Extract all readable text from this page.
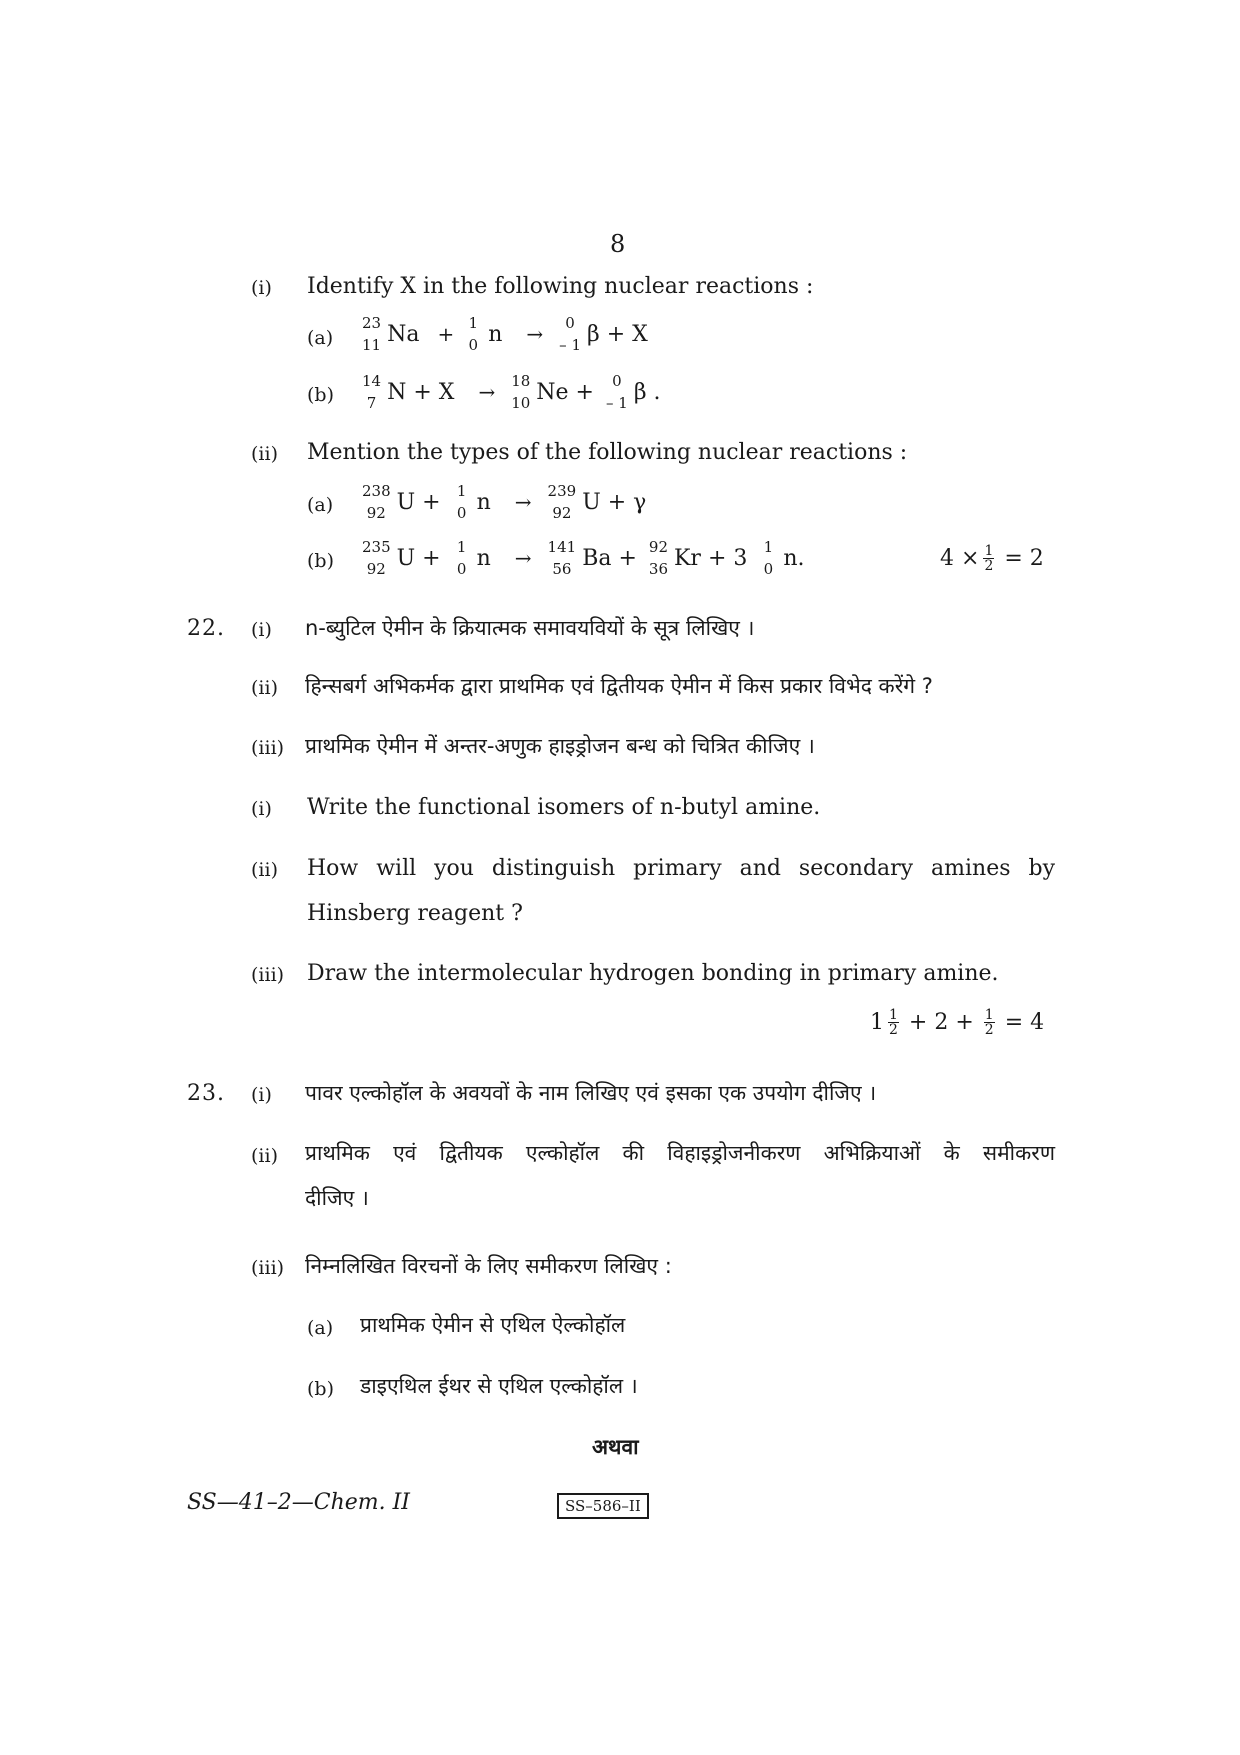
8
(i) Identify X in the following nuclear reactions :
(a)
23
11 Na + 1
0 n →	0
– 1 β + X
(b)
14
7 N + X → 18
10 Ne +	0
– 1 β .
(ii) Mention the types of the following nuclear reactions :
(a)
238
92 U + 1
0 n → 239
92 U + γ
(b)
235
92 U + 1
0 n → 141
56 Ba + 92
36 Kr + 3 1
0 n.	$4 \times \frac{1}{2} = 2$
22. (i) n-ब्युटिल ऐमीन के क्रियात्मक समावयवियों के सूत्र लिखिए ।
(ii) हिन्सबर्ग अभिकर्मक द्वारा प्राथमिक एवं द्वितीयक ऐमीन में किस प्रकार विभेद करेंगे ?
(iii) प्राथमिक ऐमीन में अन्तर-अणुक हाइड्रोजन बन्ध को चित्रित कीजिए ।
(i) Write the functional isomers of n-butyl amine.
(ii) How will you distinguish primary and secondary amines by
Hinsberg reagent ?
(iii) Draw the intermolecular hydrogen bonding in primary amine.
$1 \frac{1}{2} + 2 + \frac{1}{2} = 4$
23. (i) पावर एल्कोहॉल के अवयवों के नाम लिखिए एवं इसका एक उपयोग दीजिए ।
(ii) प्राथमिक एवं द्वितीयक एल्कोहॉल की विहाइड्रोजनीकरण अभिक्रियाओं के समीकरण
दीजिए ।
(iii) निम्नलिखित विरचनों के लिए समीकरण लिखिए :
(a) प्राथमिक ऐमीन से एथिल ऐल्कोहॉल
(b) डाइएथिल ईथर से एथिल एल्कोहॉल ।
अथवा
SS—41–2—Chem. II	SS–586–II
